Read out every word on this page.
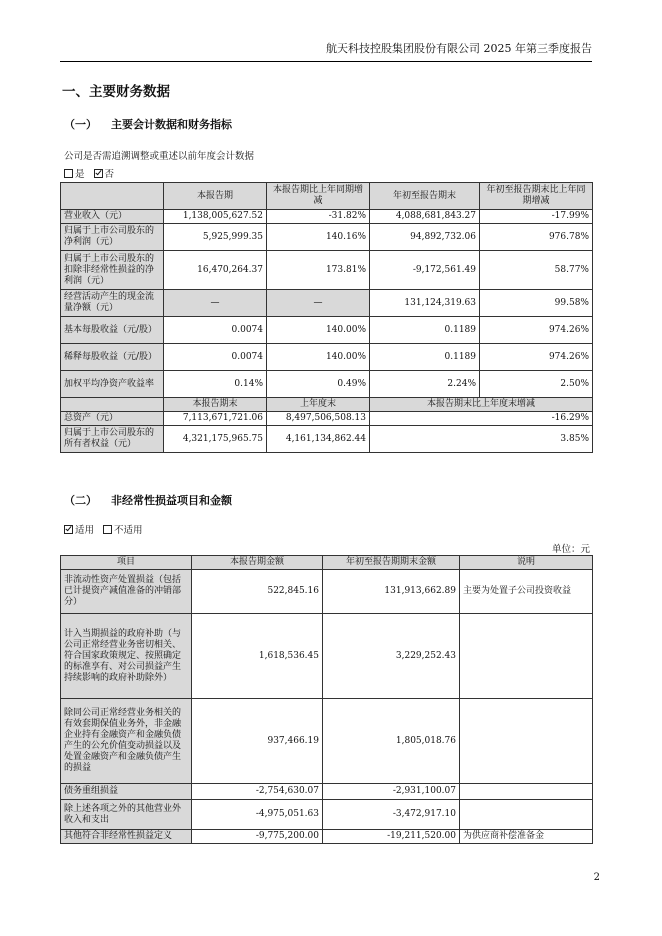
航天科技控股集团股份有限公司 2025 年第三季度报告
一、主要财务数据
（一） 主要会计数据和财务指标
公司是否需追溯调整或重述以前年度会计数据
是 否
	本报告期	本报告期比上年同期增减	年初至报告期末	年初至报告期末比上年同期增减
营业收入（元）	1,138,005,627.52	-31.82%	4,088,681,843.27	-17.99%
归属于上市公司股东的净利润（元）	5,925,999.35	140.16%	94,892,732.06	976.78%
归属于上市公司股东的扣除非经常性损益的净利润（元）	16,470,264.37	173.81%	-9,172,561.49	58.77%
经营活动产生的现金流量净额（元）	—	—	131,124,319.63	99.58%
基本每股收益（元/股）	0.0074	140.00%	0.1189	974.26%
稀释每股收益（元/股）	0.0074	140.00%	0.1189	974.26%
加权平均净资产收益率	0.14%	0.49%	2.24%	2.50%
	本报告期末	上年度末	本报告期末比上年度末增减	
总资产（元）	7,113,671,721.06	8,497,506,508.13	-16.29%	
归属于上市公司股东的所有者权益（元）	4,321,175,965.75	4,161,134,862.44	3.85%	
（二） 非经常性损益项目和金额
适用 不适用
单位：元
项目	本报告期金额	年初至报告期期末金额	说明
非流动性资产处置损益（包括已计提资产减值准备的冲销部分）	522,845.16	131,913,662.89	主要为处置子公司投资收益
计入当期损益的政府补助（与公司正常经营业务密切相关、符合国家政策规定、按照确定的标准享有、对公司损益产生持续影响的政府补助除外）	1,618,536.45	3,229,252.43	
除同公司正常经营业务相关的有效套期保值业务外，非金融企业持有金融资产和金融负债产生的公允价值变动损益以及处置金融资产和金融负债产生的损益	937,466.19	1,805,018.76	
债务重组损益	-2,754,630.07	-2,931,100.07	
除上述各项之外的其他营业外收入和支出	-4,975,051.63	-3,472,917.10	
其他符合非经常性损益定义	-9,775,200.00	-19,211,520.00	为供应商补偿准备金
2
